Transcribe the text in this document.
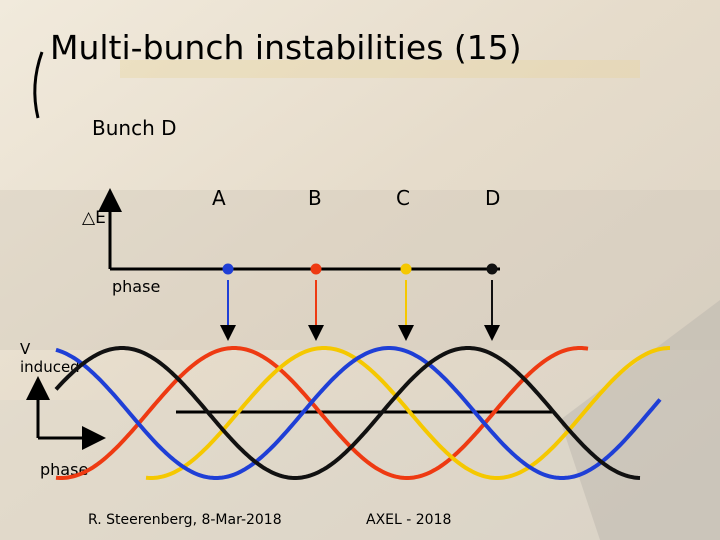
Multi-bunch instabilities (15)
Bunch D
A	B	C	D
△E
phase
V
induced
phase
R. Steerenberg, 8-Mar-2018	AXEL - 2018
